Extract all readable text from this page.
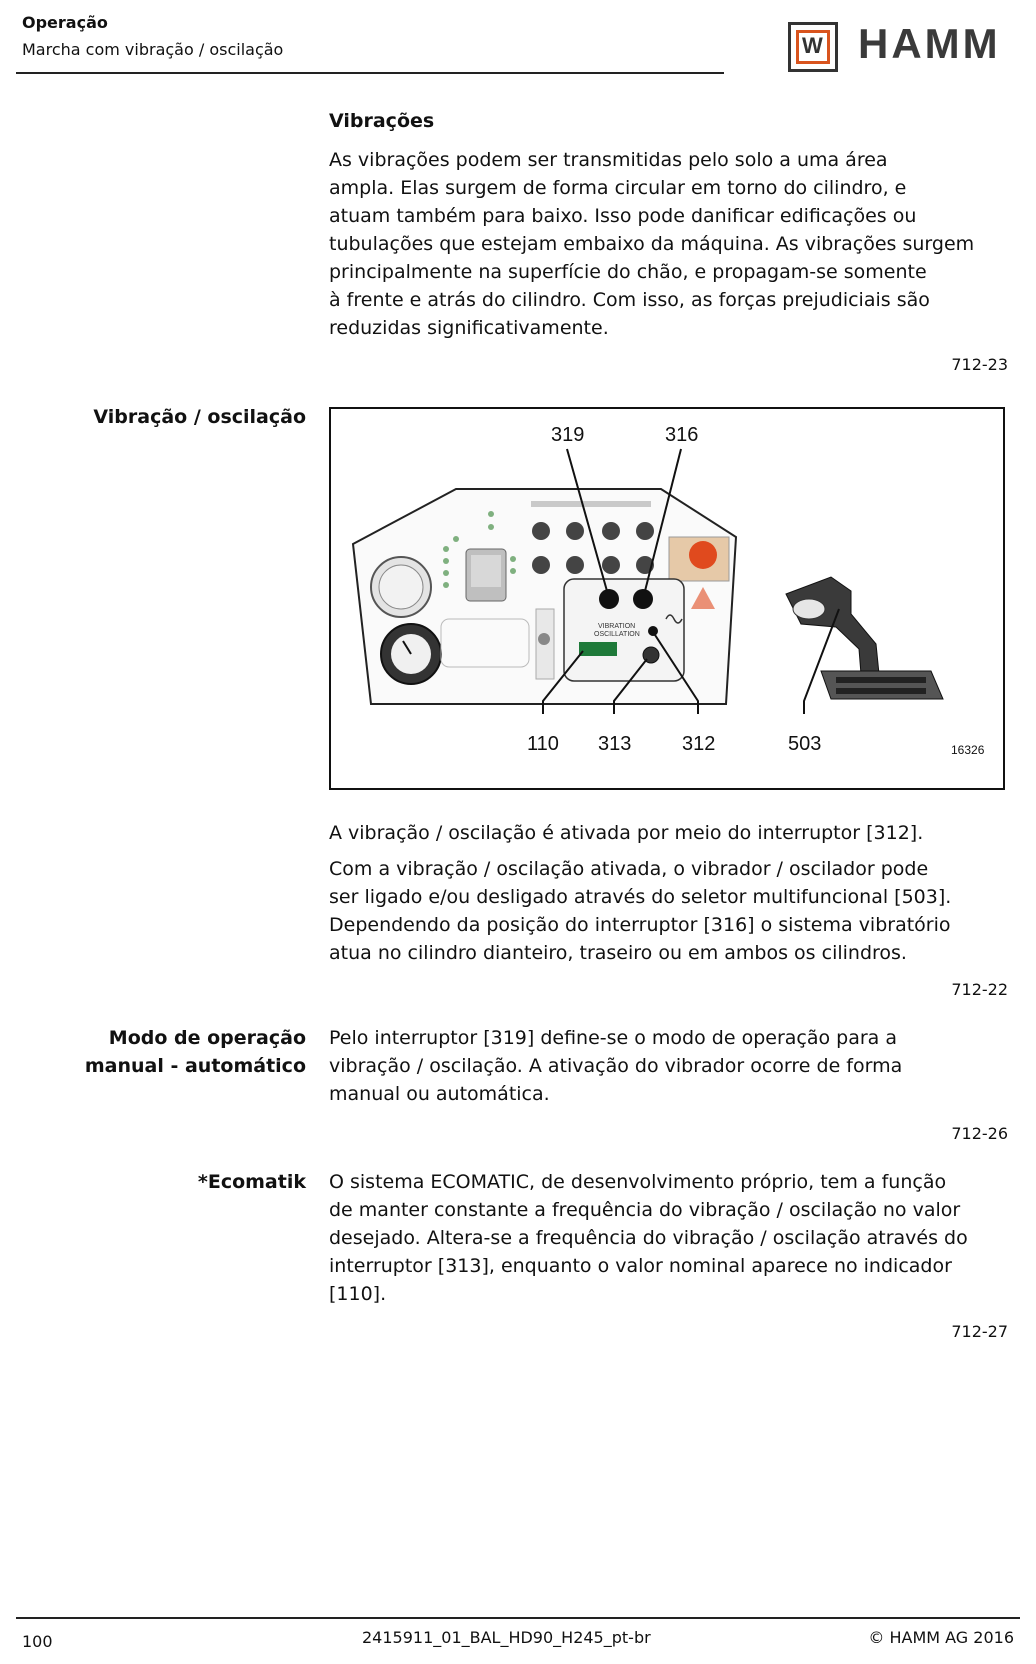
Operação
Marcha com vibração / oscilação	W HAMM
Vibrações
As vibrações podem ser transmitidas pelo solo a uma área
ampla. Elas surgem de forma circular em torno do cilindro, e
atuam também para baixo. Isso pode danificar edificações ou
tubulações que estejam embaixo da máquina. As vibrações surgem
principalmente na superfície do chão, e propagam-se somente
à frente e atrás do cilindro. Com isso, as forças prejudiciais são
reduzidas significativamente.
712-23
Vibração / oscilação
VIBRATION
OSCILLATION
319	316
110 313	312	503	16326
A vibração / oscilação é ativada por meio do interruptor [312].
Com a vibração / oscilação ativada, o vibrador / oscilador pode
ser ligado e/ou desligado através do seletor multifuncional [503].
Dependendo da posição do interruptor [316] o sistema vibratório
atua no cilindro dianteiro, traseiro ou em ambos os cilindros.
712-22
Modo de operação
manual - automático
Pelo interruptor [319] define-se o modo de operação para a
vibração / oscilação. A ativação do vibrador ocorre de forma
manual ou automática.
712-26
*Ecomatik O sistema ECOMATIC, de desenvolvimento próprio, tem a função
de manter constante a frequência do vibração / oscilação no valor
desejado. Altera-se a frequência do vibração / oscilação através do
interruptor [313], enquanto o valor nominal aparece no indicador
[110].
712-27
100	2415911_01_BAL_HD90_H245_pt-br	© HAMM AG 2016
